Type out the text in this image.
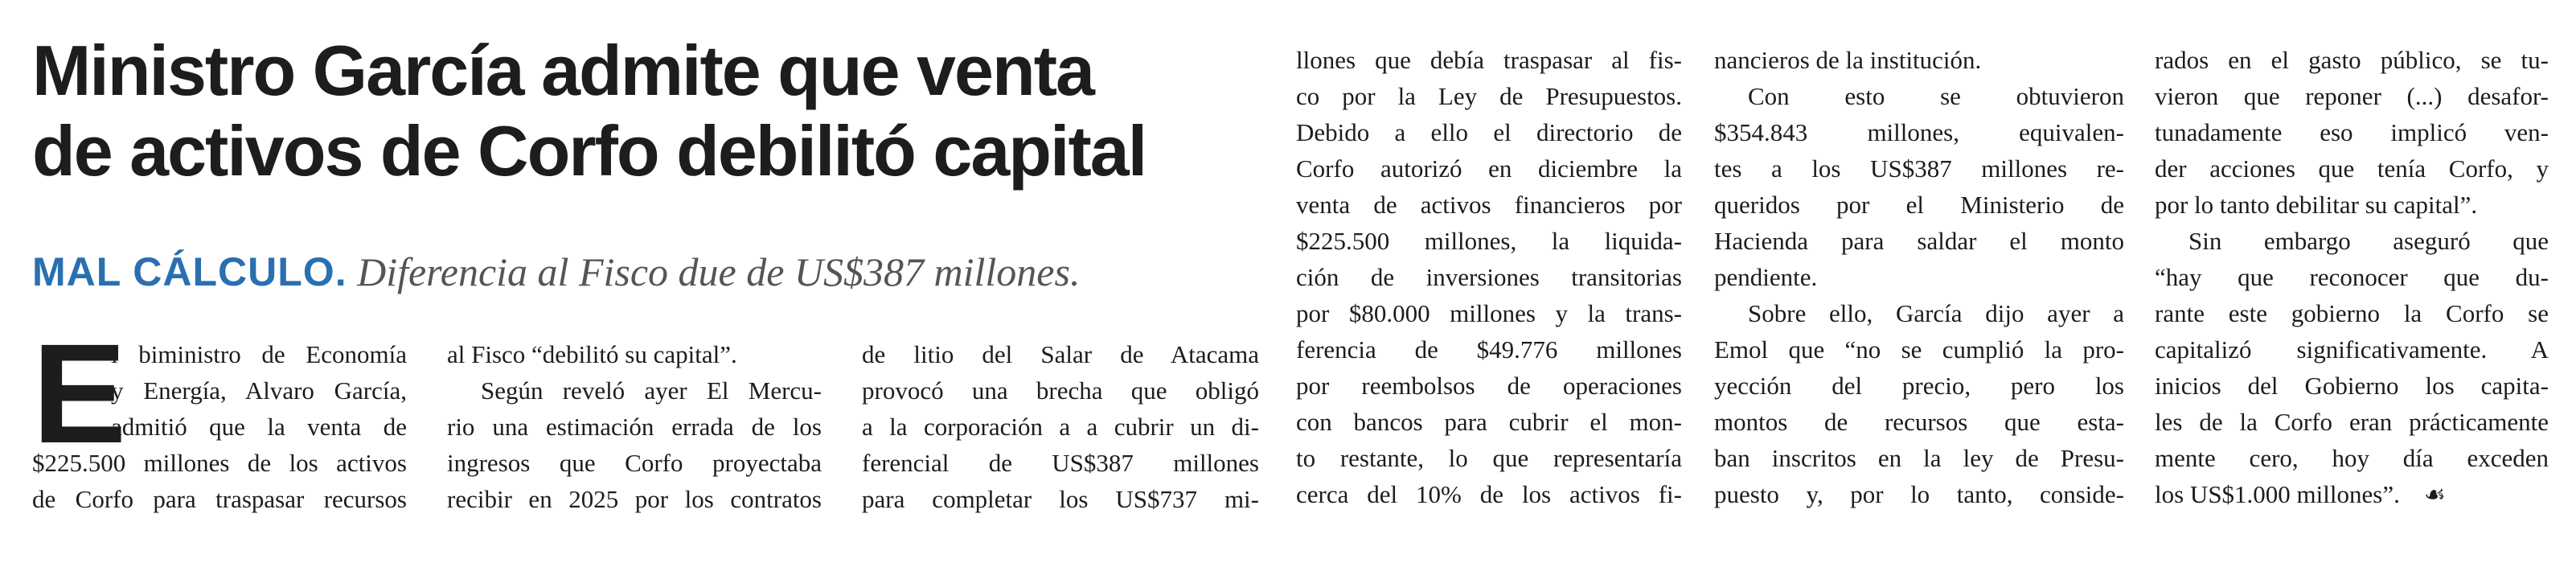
Ministro García admite que venta
de activos de Corfo debilitó capital
MAL CÁLCULO. Diferencia al Fisco due de US$387 millones.
E
l biministro de Economía
y Energía, Alvaro García,
admitió que la venta de
$225.500 millones de los activos
de Corfo para traspasar recursos
al Fisco “debilitó su capital”.
Según reveló ayer El Mercu-
rio una estimación errada de los
ingresos que Corfo proyectaba
recibir en 2025 por los contratos
de litio del Salar de Atacama
provocó una brecha que obligó
a la corporación a a cubrir un di-
ferencial de US$387 millones
para completar los US$737 mi-
llones que debía traspasar al fis-
co por la Ley de Presupuestos.
Debido a ello el directorio de
Corfo autorizó en diciembre la
venta de activos financieros por
$225.500 millones, la liquida-
ción de inversiones transitorias
por $80.000 millones y la trans-
ferencia de $49.776 millones
por reembolsos de operaciones
con bancos para cubrir el mon-
to restante, lo que representaría
cerca del 10% de los activos fi-
nancieros de la institución.
Con esto se obtuvieron
$354.843 millones, equivalen-
tes a los US$387 millones re-
queridos por el Ministerio de
Hacienda para saldar el monto
pendiente.
Sobre ello, García dijo ayer a
Emol que “no se cumplió la pro-
yección del precio, pero los
montos de recursos que esta-
ban inscritos en la ley de Presu-
puesto y, por lo tanto, conside-
rados en el gasto público, se tu-
vieron que reponer (...) desafor-
tunadamente eso implicó ven-
der acciones que tenía Corfo, y
por lo tanto debilitar su capital”.
Sin embargo aseguró que
“hay que reconocer que du-
rante este gobierno la Corfo se
capitalizó significativamente. A
inicios del Gobierno los capita-
les de la Corfo eran prácticamente
mente cero, hoy día exceden
los US$1.000 millones”. ☙
